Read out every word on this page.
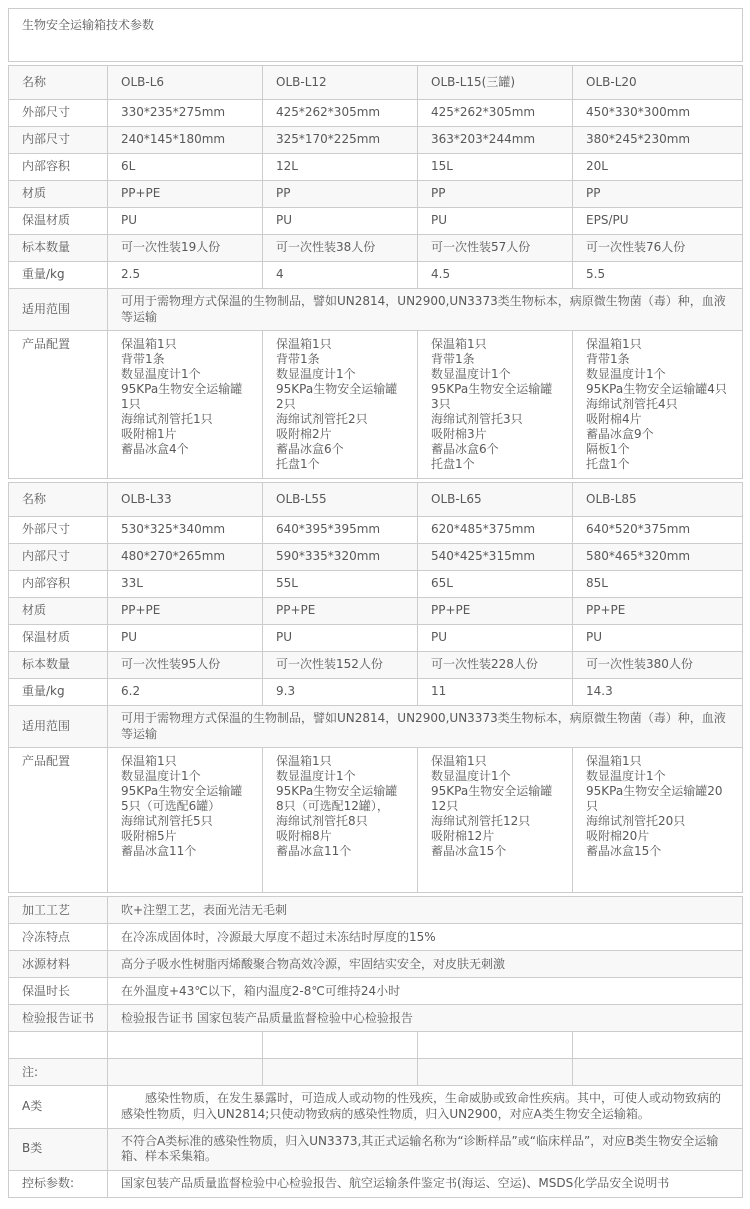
生物安全运输箱技术参数
名称	OLB-L6	OLB-L12	OLB-L15(三罐)	OLB-L20
外部尺寸	330*235*275mm	425*262*305mm	425*262*305mm	450*330*300mm
内部尺寸	240*145*180mm	325*170*225mm	363*203*244mm	380*245*230mm
内部容积	6L	12L	15L	20L
材质	PP+PE	PP	PP	PP
保温材质	PU	PU	PU	EPS/PU
标本数量	可一次性装19人份	可一次性装38人份	可一次性装57人份	可一次性装76人份
重量/kg	2.5	4	4.5	5.5
适用范围	可用于需物理方式保温的生物制品，譬如UN2814，UN2900,UN3373类生物标本，病原微生物菌（毒）种，血液等运输			
产品配置	保温箱1只
背带1条
数显温度计1个
95KPa生物安全运输罐1只
海绵试剂管托1只
吸附棉1片
蓄晶冰盒4个

保温箱1只
背带1条
数显温度计1个
95KPa生物安全运输罐2只
海绵试剂管托2只
吸附棉2片
蓄晶冰盒6个
托盘1个

保温箱1只
背带1条
数显温度计1个
95KPa生物安全运输罐3只
海绵试剂管托3只
吸附棉3片
蓄晶冰盒6个
托盘1个

保温箱1只
背带1条
数显温度计1个
95KPa生物安全运输罐4只
海绵试剂管托4只
吸附棉4片
蓄晶冰盒9个
隔板1个
托盘1个
名称	OLB-L33	OLB-L55	OLB-L65	OLB-L85
外部尺寸	530*325*340mm	640*395*395mm	620*485*375mm	640*520*375mm
内部尺寸	480*270*265mm	590*335*320mm	540*425*315mm	580*465*320mm
内部容积	33L	55L	65L	85L
材质	PP+PE	PP+PE	PP+PE	PP+PE
保温材质	PU	PU	PU	PU
标本数量	可一次性装95人份	可一次性装152人份	可一次性装228人份	可一次性装380人份
重量/kg	6.2	9.3	11	14.3
适用范围	可用于需物理方式保温的生物制品，譬如UN2814，UN2900,UN3373类生物标本，病原微生物菌（毒）种，血液等运输			
产品配置	保温箱1只
数显温度计1个
95KPa生物安全运输罐5只（可选配6罐）
海绵试剂管托5只
吸附棉5片
蓄晶冰盒11个

保温箱1只
数显温度计1个
95KPa生物安全运输罐8只（可选配12罐），
海绵试剂管托8只
吸附棉8片
蓄晶冰盒11个

保温箱1只
数显温度计1个
95KPa生物安全运输罐12只
海绵试剂管托12只
吸附棉12片
蓄晶冰盒15个

保温箱1只
数显温度计1个
95KPa生物安全运输罐20只
海绵试剂管托20只
吸附棉20片
蓄晶冰盒15个
加工工艺	吹+注塑工艺，表面光洁无毛刺			
冷冻特点	在冷冻成固体时，冷源最大厚度不超过未冻结时厚度的15%			
冰源材料	高分子吸水性树脂丙烯酸聚合物高效冷源，牢固结实安全，对皮肤无刺激			
保温时长	在外温度+43℃以下，箱内温度2-8℃可维持24小时			
检验报告证书	检验报告证书 国家包装产品质量监督检验中心检验报告			

注:				
A类	　　感染性物质，在发生暴露时，可造成人或动物的性残疾，生命威胁或致命性疾病。其中，可使人或动物致病的感染性物质，归入UN2814;只使动物致病的感染性物质，归入UN2900，对应A类生物安全运输箱。			
B类	不符合A类标准的感染性物质，归入UN3373,其正式运输名称为“诊断样品”或“临床样品”，对应B类生物安全运输箱、样本采集箱。			
控标参数:	国家包装产品质量监督检验中心检验报告、航空运输条件鉴定书(海运、空运)、MSDS化学品安全说明书			
